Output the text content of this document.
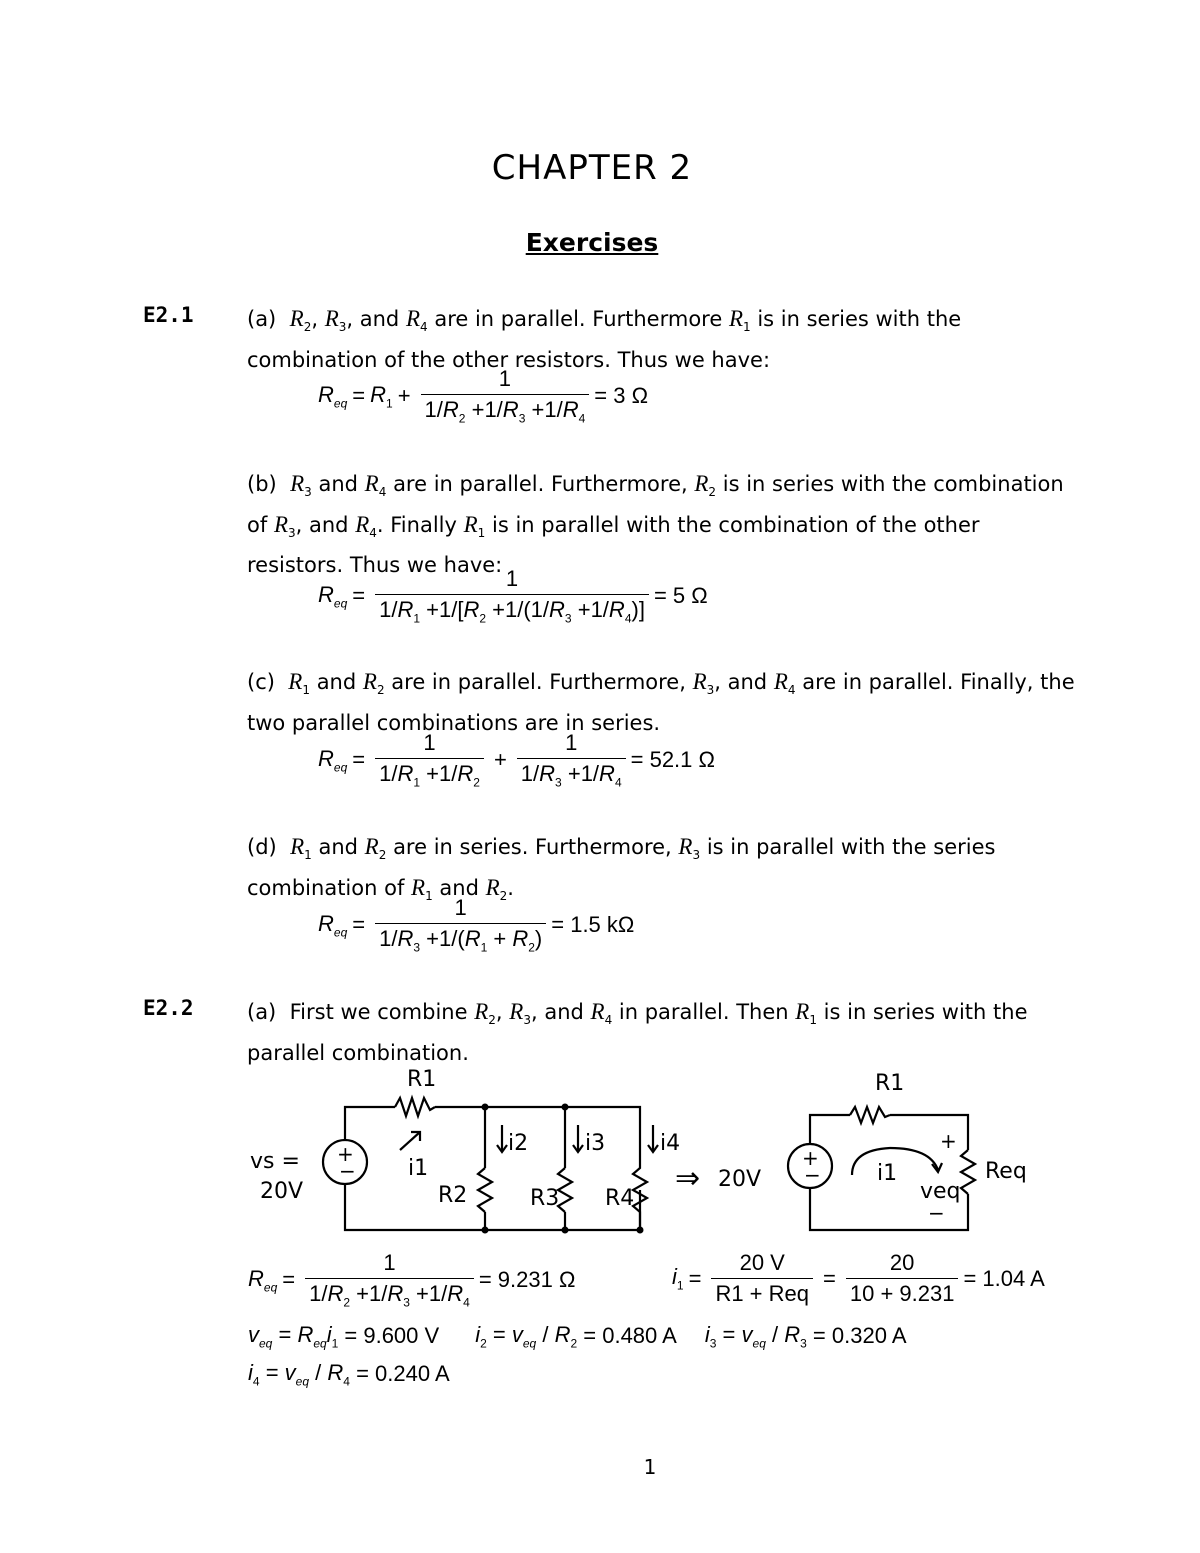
CHAPTER 2
Exercises
E2.1	(a) $R_2$, $R_3$, and $R_4$ are in parallel. Furthermore $R_1$ is in series with the combination of the other resistors. Thus we have:
$R_{eq} = R_1 + \frac{1}{1/R_2 +1/R_3 +1/R_4} = 3$ Ω
(b) $R_3$ and $R_4$ are in parallel. Furthermore, $R_2$ is in series with the combination of $R_3$, and $R_4$. Finally $R_1$ is in parallel with the combination of the other resistors. Thus we have:
$R_{eq} = \frac{1}{1/R_1 +1/[R_2 +1/(1/R_3 +1/R_4)]} = 5$ Ω
(c) $R_1$ and $R_2$ are in parallel. Furthermore, $R_3$, and $R_4$ are in parallel. Finally, the two parallel combinations are in series.
$R_{eq} = \frac{1}{1/R_1 +1/R_2} + \frac{1}{1/R_3 +1/R_4} = 52.1$ Ω
(d) $R_1$ and $R_2$ are in series. Furthermore, $R_3$ is in parallel with the series combination of $R_1$ and $R_2$.
$R_{eq} = \frac{1}{1/R_3 +1/(R_1 + R_2)} = 1.5$ kΩ
E2.2	(a) First we combine $R_2$, $R_3$, and $R_4$ in parallel. Then $R_1$ is in series with the parallel combination.
R1
vs =
20V
+
− i1
i2	i3 i4
R2	R3 R4
⇒ 20V
+
−
R1
i1
+
veq
−
Req
$R_{eq} = \frac{1}{1/R_2 +1/R_3 +1/R_4} = 9.231$ Ω	$i_1 = \frac{20 V}{\text{R1 + Req}} = \frac{20}{10 + 9.231} = 1.04$ A
$v_{eq} = R_{eq}i_1 = 9.600$ V $i_2 = v_{eq} / R_2 = 0.480$ A $i_3 = v_{eq} / R_3 = 0.320$ A
$i_4 = v_{eq} / R_4 = 0.240$ A
1
